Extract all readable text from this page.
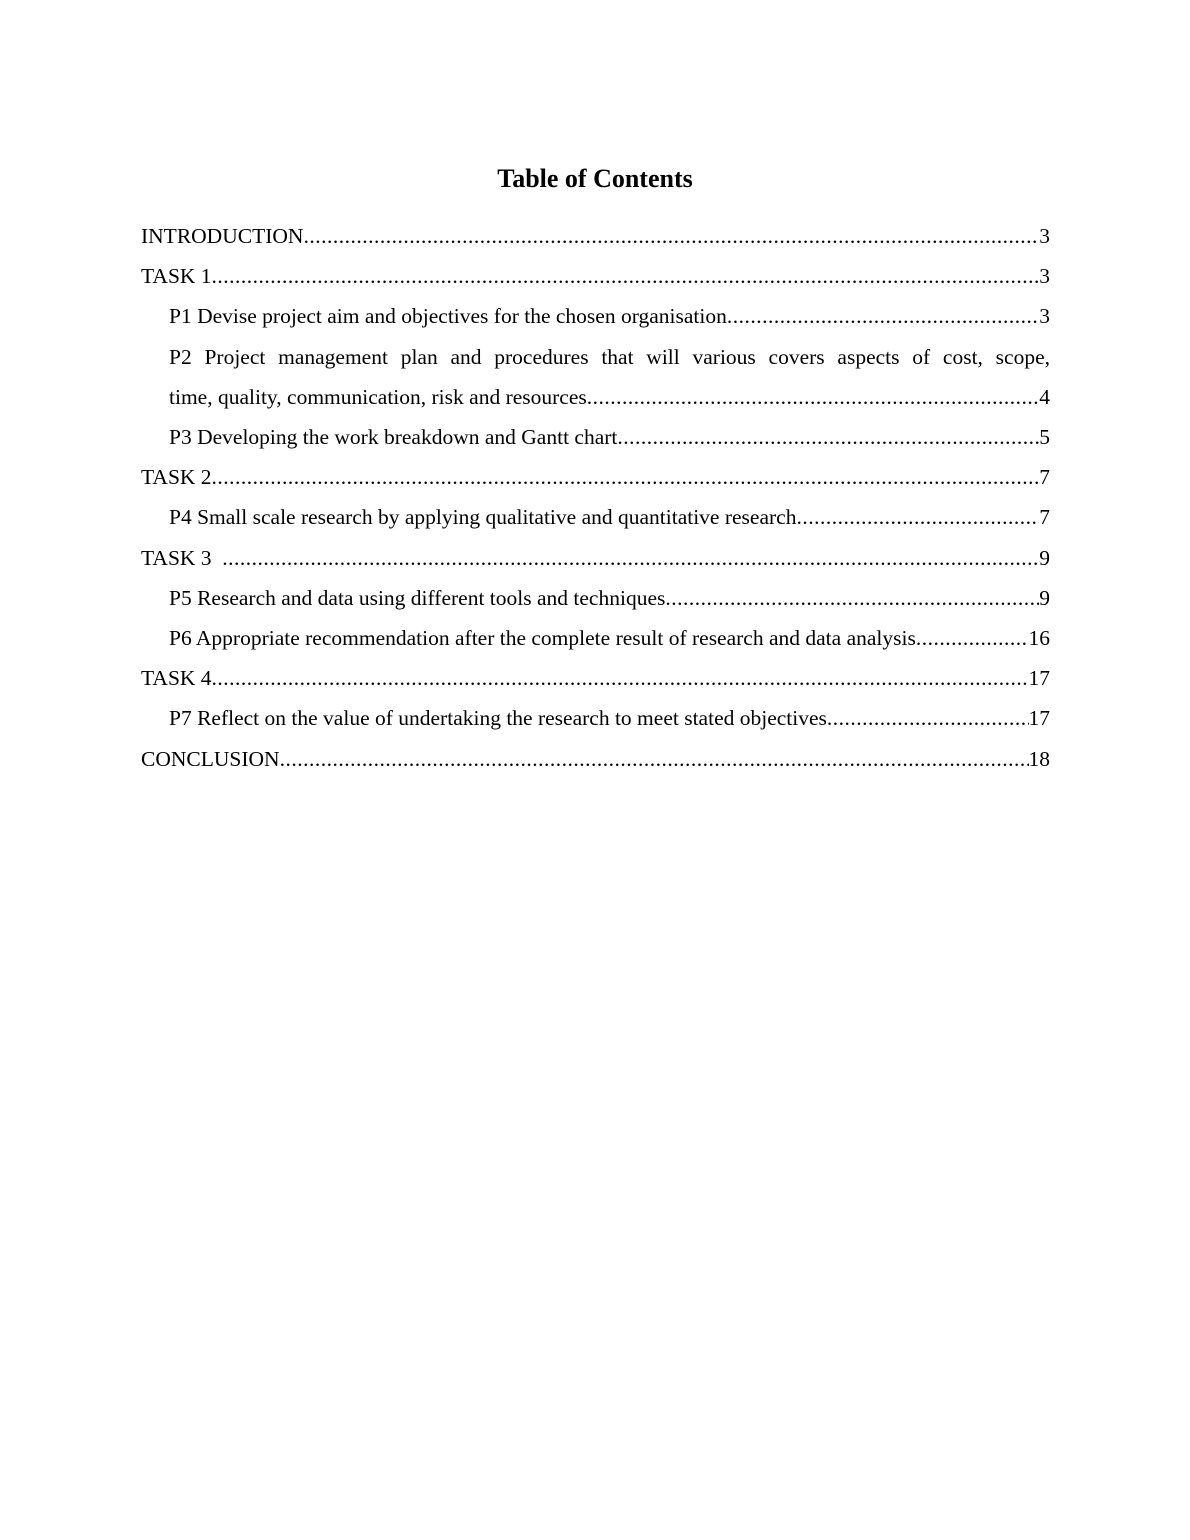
Table of Contents
INTRODUCTION .....	3
TASK 1 .....	3
P1 Devise project aim and objectives for the chosen organisation .....	3
P2 Project management plan and procedures that will various covers aspects of cost, scope,
time, quality, communication, risk and resources .....	4
P3 Developing the work breakdown and Gantt chart .....	5
TASK 2 .....	7
P4 Small scale research by applying qualitative and quantitative research .....	7
TASK 3 .....	9
P5 Research and data using different tools and techniques .....	9
P6 Appropriate recommendation after the complete result of research and data analysis .....	16
TASK 4 .....	17
P7 Reflect on the value of undertaking the research to meet stated objectives .....	17
CONCLUSION .....	18
